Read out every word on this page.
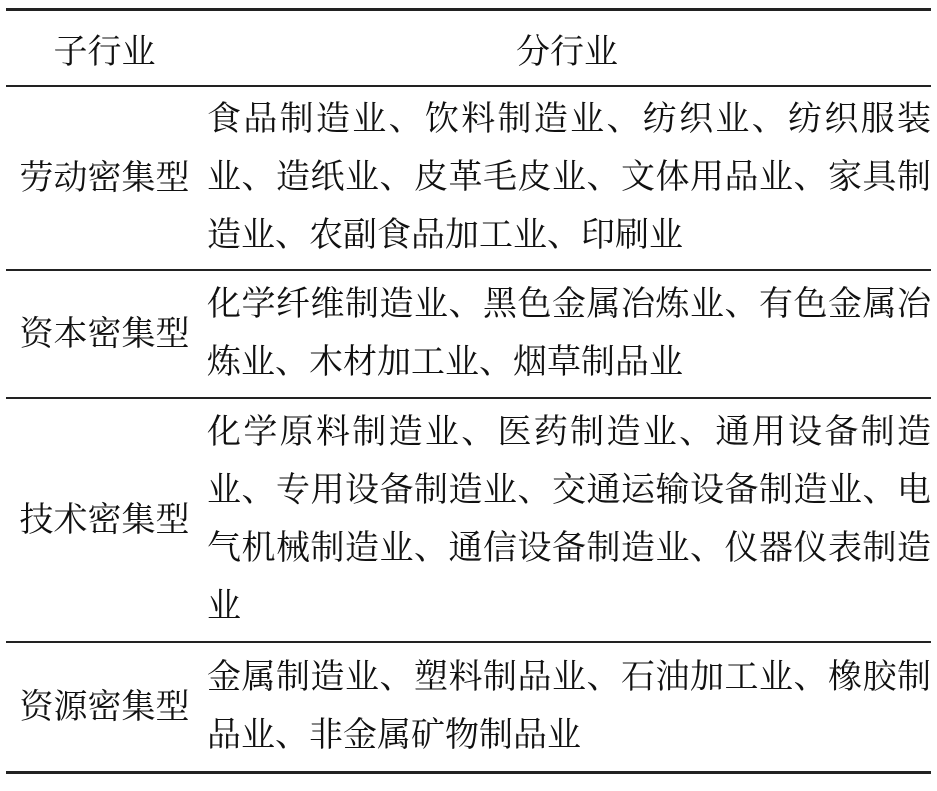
子行业	分行业
劳动密集型	食品制造业、饮料制造业、纺织业、纺织服装业、造纸业、皮革毛皮业、文体用品业、家具制造业、农副食品加工业、印刷业
资本密集型	化学纤维制造业、黑色金属冶炼业、有色金属冶炼业、木材加工业、烟草制品业
技术密集型	化学原料制造业、医药制造业、通用设备制造业、专用设备制造业、交通运输设备制造业、电气机械制造业、通信设备制造业、仪器仪表制造业
资源密集型	金属制造业、塑料制品业、石油加工业、橡胶制品业、非金属矿物制品业
